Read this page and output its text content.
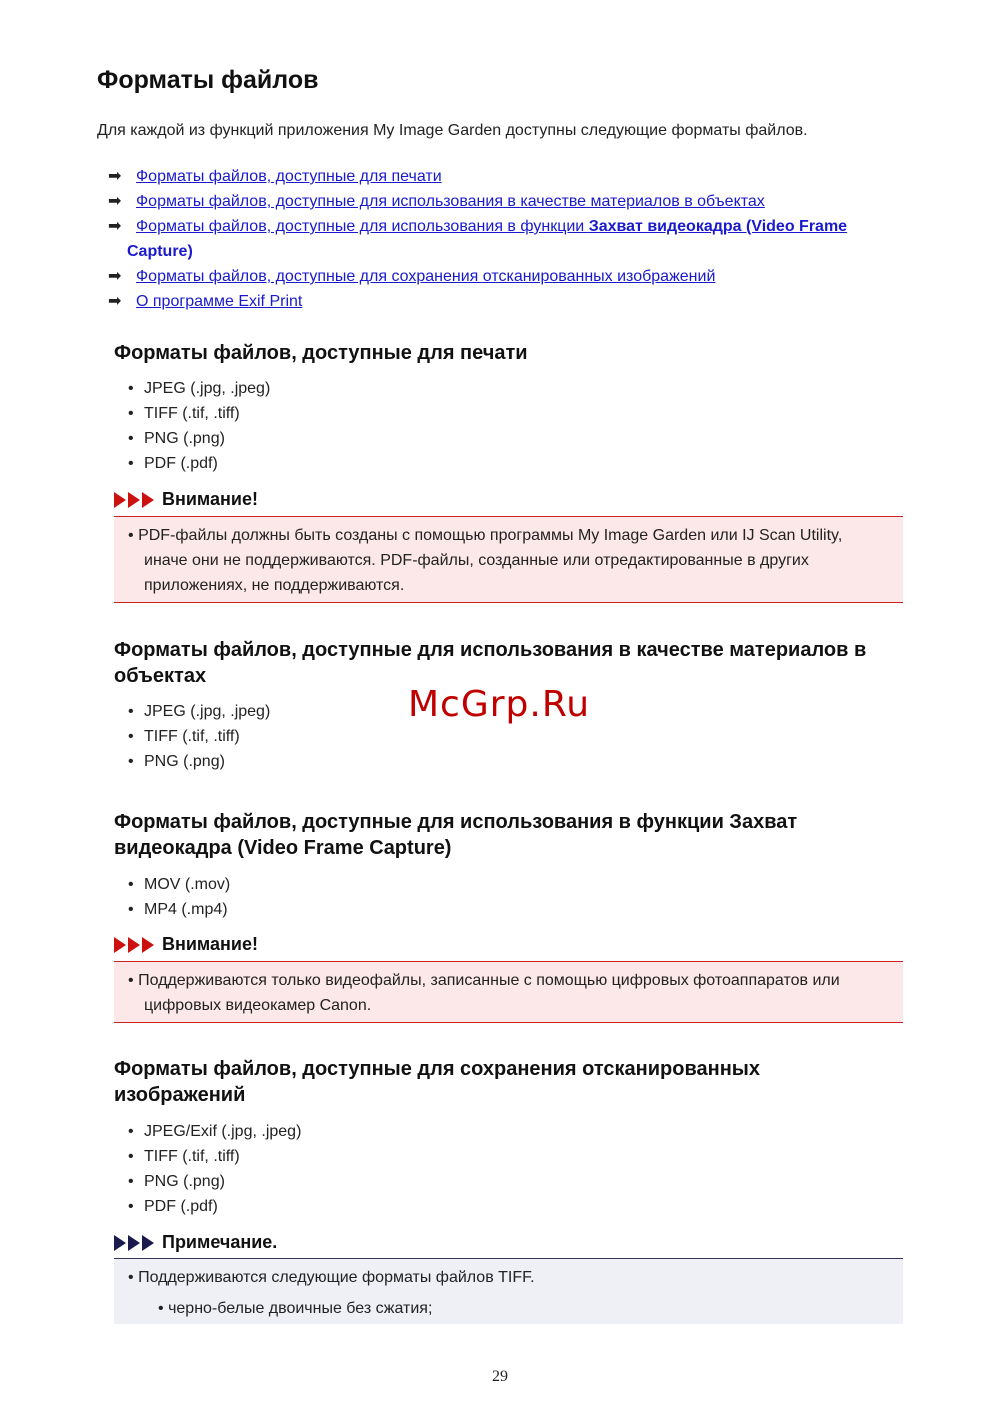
Форматы файлов

Для каждой из функций приложения My Image Garden доступны следующие форматы файлов.

➡ Форматы файлов, доступные для печати
➡ Форматы файлов, доступные для использования в качестве материалов в объектах
➡ Форматы файлов, доступные для использования в функции Захват видеокадра (Video Frame
Capture)
➡ Форматы файлов, доступные для сохранения отсканированных изображений
➡ О программе Exif Print
Форматы файлов, доступные для печати
• JPEG (.jpg, .jpeg)
• TIFF (.tif, .tiff)
• PNG (.png)
• PDF (.pdf)
Внимание!

• PDF-файлы должны быть созданы с помощью программы My Image Garden или IJ Scan Utility, иначе они не поддерживаются. PDF-файлы, созданные или отредактированные в других приложениях, не поддерживаются.

Форматы файлов, доступные для использования в качестве материалов в объектах
• JPEG (.jpg, .jpeg)
• TIFF (.tif, .tiff)
• PNG (.png)
McGrp.Ru
Форматы файлов, доступные для использования в функции Захват видеокадра (Video Frame Capture)
• MOV (.mov)
• MP4 (.mp4)
Внимание!

• Поддерживаются только видеофайлы, записанные с помощью цифровых фотоаппаратов или цифровых видеокамер Canon.

Форматы файлов, доступные для сохранения отсканированных изображений
• JPEG/Exif (.jpg, .jpeg)
• TIFF (.tif, .tiff)
• PNG (.png)
• PDF (.pdf)
Примечание.

• Поддерживаются следующие форматы файлов TIFF.

• черно-белые двоичные без сжатия;

29
